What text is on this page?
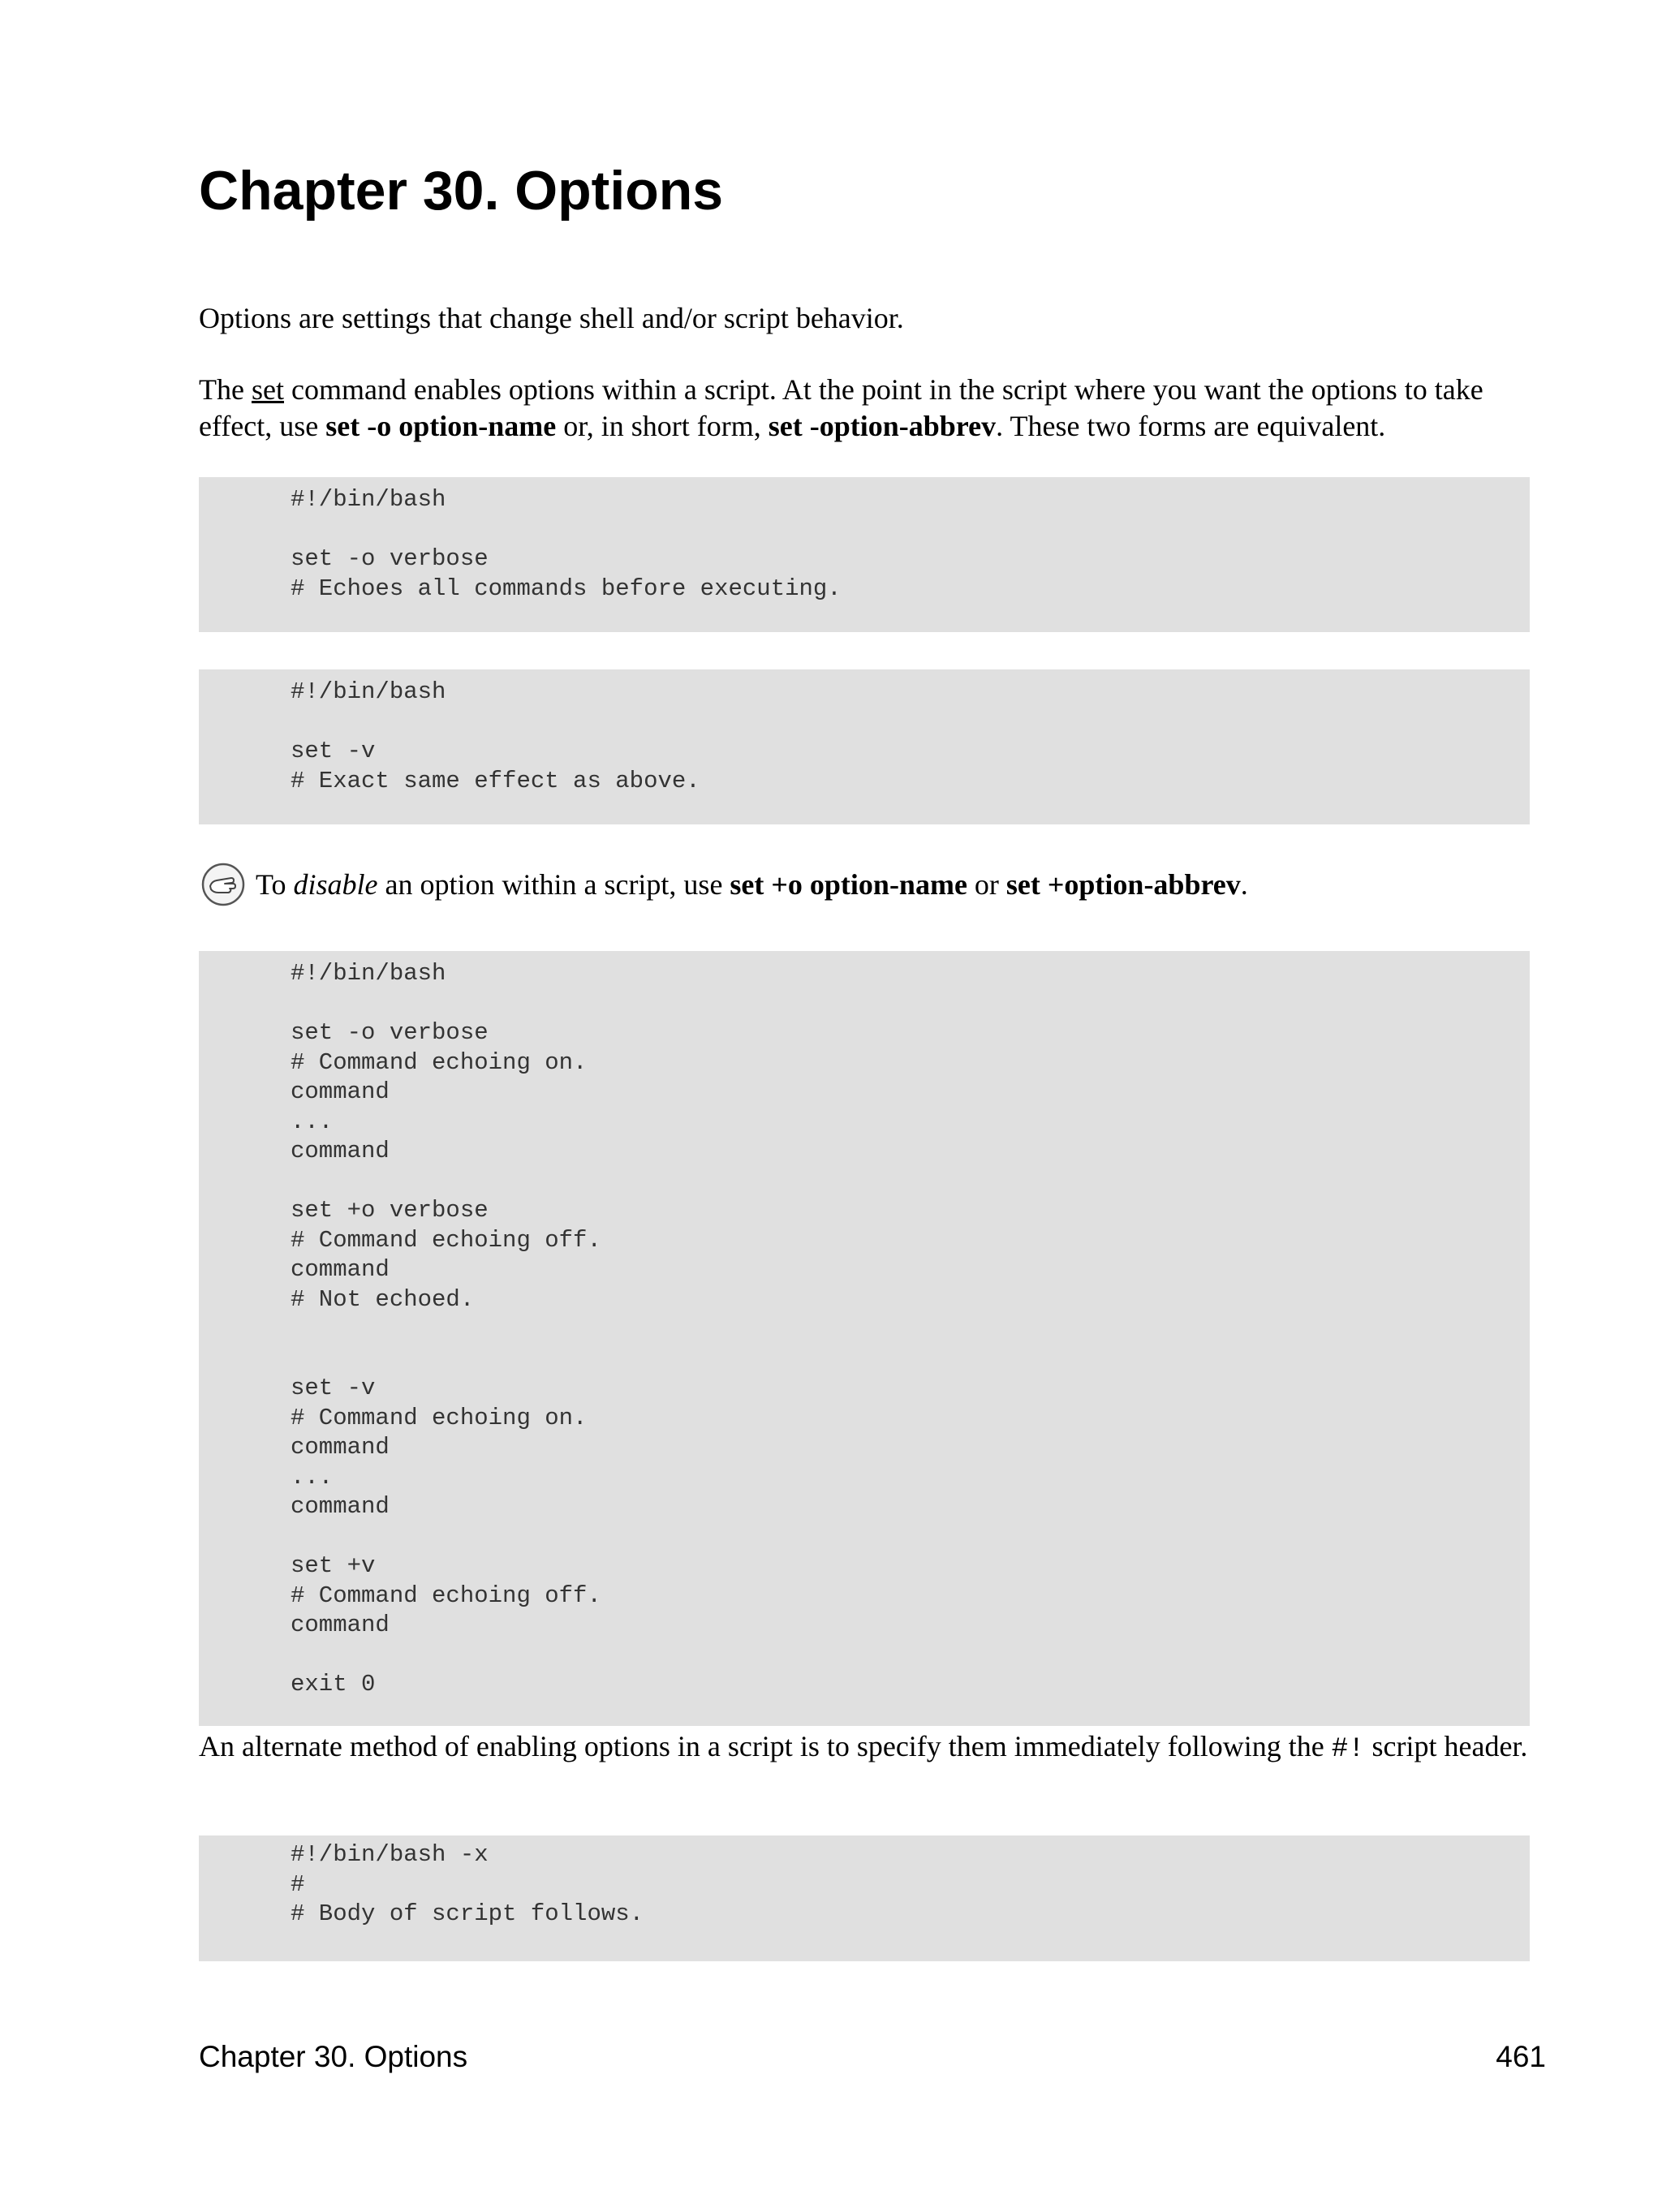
Chapter 30. Options

Options are settings that change shell and/or script behavior.

The set command enables options within a script. At the point in the script where you want the options to take effect, use set -o option-name or, in short form, set -option-abbrev. These two forms are equivalent.

#!/bin/bash

set -o verbose
# Echoes all commands before executing.
#!/bin/bash

set -v
# Exact same effect as above.

To disable an option within a script, use set +o option-name or set +option-abbrev.

#!/bin/bash

set -o verbose
# Command echoing on.
command
...
command

set +o verbose
# Command echoing off.
command
# Not echoed.

set -v
# Command echoing on.
command
...
command

set +v
# Command echoing off.
command

exit 0

An alternate method of enabling options in a script is to specify them immediately following the #! script header.

#!/bin/bash -x
#
# Body of script follows.
Chapter 30. Options	461
